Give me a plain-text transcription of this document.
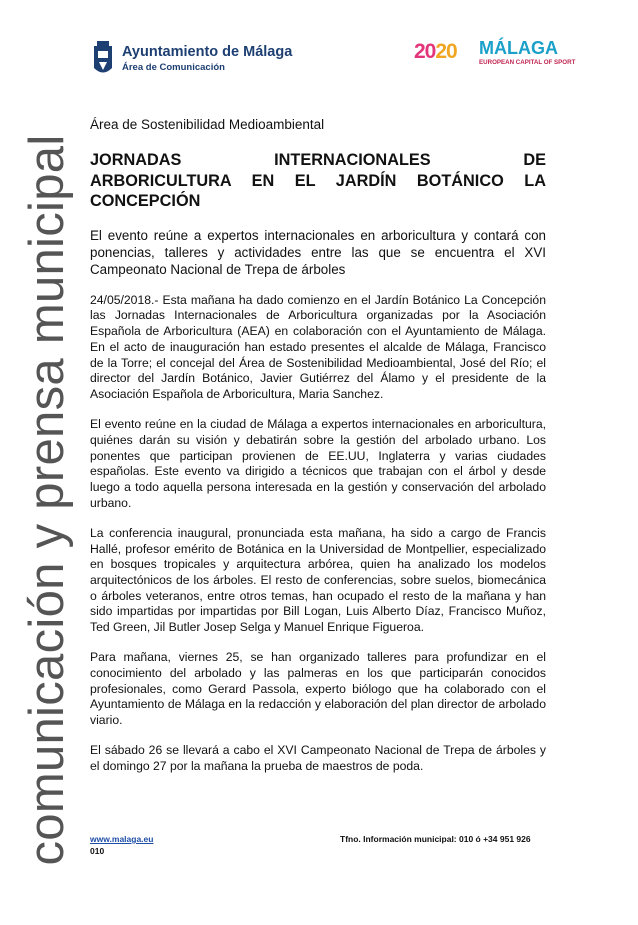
comunicación y prensa municipal
Ayuntamiento de Málaga
Área de Comunicación
2020 MÁLAGA
EUROPEAN CAPITAL OF SPORT

Área de Sostenibilidad Medioambiental

JORNADAS INTERNACIONALES DE
ARBORICULTURA EN EL JARDÍN BOTÁNICO LA
CONCEPCIÓN

El evento reúne a expertos internacionales en arboricultura y contará con ponencias, talleres y actividades entre las que se encuentra el XVI Campeonato Nacional de Trepa de árboles

24/05/2018.- Esta mañana ha dado comienzo en el Jardín Botánico La Concepción las Jornadas Internacionales de Arboricultura organizadas por la Asociación Española de Arboricultura (AEA) en colaboración con el Ayuntamiento de Málaga. En el acto de inauguración han estado presentes el alcalde de Málaga, Francisco de la Torre; el concejal del Área de Sostenibilidad Medioambiental, José del Río; el director del Jardín Botánico, Javier Gutiérrez del Álamo y el presidente de la Asociación Española de Arboricultura, Maria Sanchez.

El evento reúne en la ciudad de Málaga a expertos internacionales en arboricultura, quiénes darán su visión y debatirán sobre la gestión del arbolado urbano. Los ponentes que participan provienen de EE.UU, Inglaterra y varias ciudades españolas. Este evento va dirigido a técnicos que trabajan con el árbol y desde luego a todo aquella persona interesada en la gestión y conservación del arbolado urbano.

La conferencia inaugural, pronunciada esta mañana, ha sido a cargo de Francis Hallé, profesor emérito de Botánica en la Universidad de Montpellier, especializado en bosques tropicales y arquitectura arbórea, quien ha analizado los modelos arquitectónicos de los árboles. El resto de conferencias, sobre suelos, biomecánica o árboles veteranos, entre otros temas, han ocupado el resto de la mañana y han sido impartidas por impartidas por Bill Logan, Luis Alberto Díaz, Francisco Muñoz, Ted Green, Jil Butler Josep Selga y Manuel Enrique Figueroa.

Para mañana, viernes 25, se han organizado talleres para profundizar en el conocimiento del arbolado y las palmeras en los que participarán conocidos profesionales, como Gerard Passola, experto biólogo que ha colaborado con el Ayuntamiento de Málaga en la redacción y elaboración del plan director de arbolado viario.

El sábado 26 se llevará a cabo el XVI Campeonato Nacional de Trepa de árboles y el domingo 27 por la mañana la prueba de maestros de poda.

www.malaga.eu	Tfno. Información municipal: 010 ó +34 951 926
010
